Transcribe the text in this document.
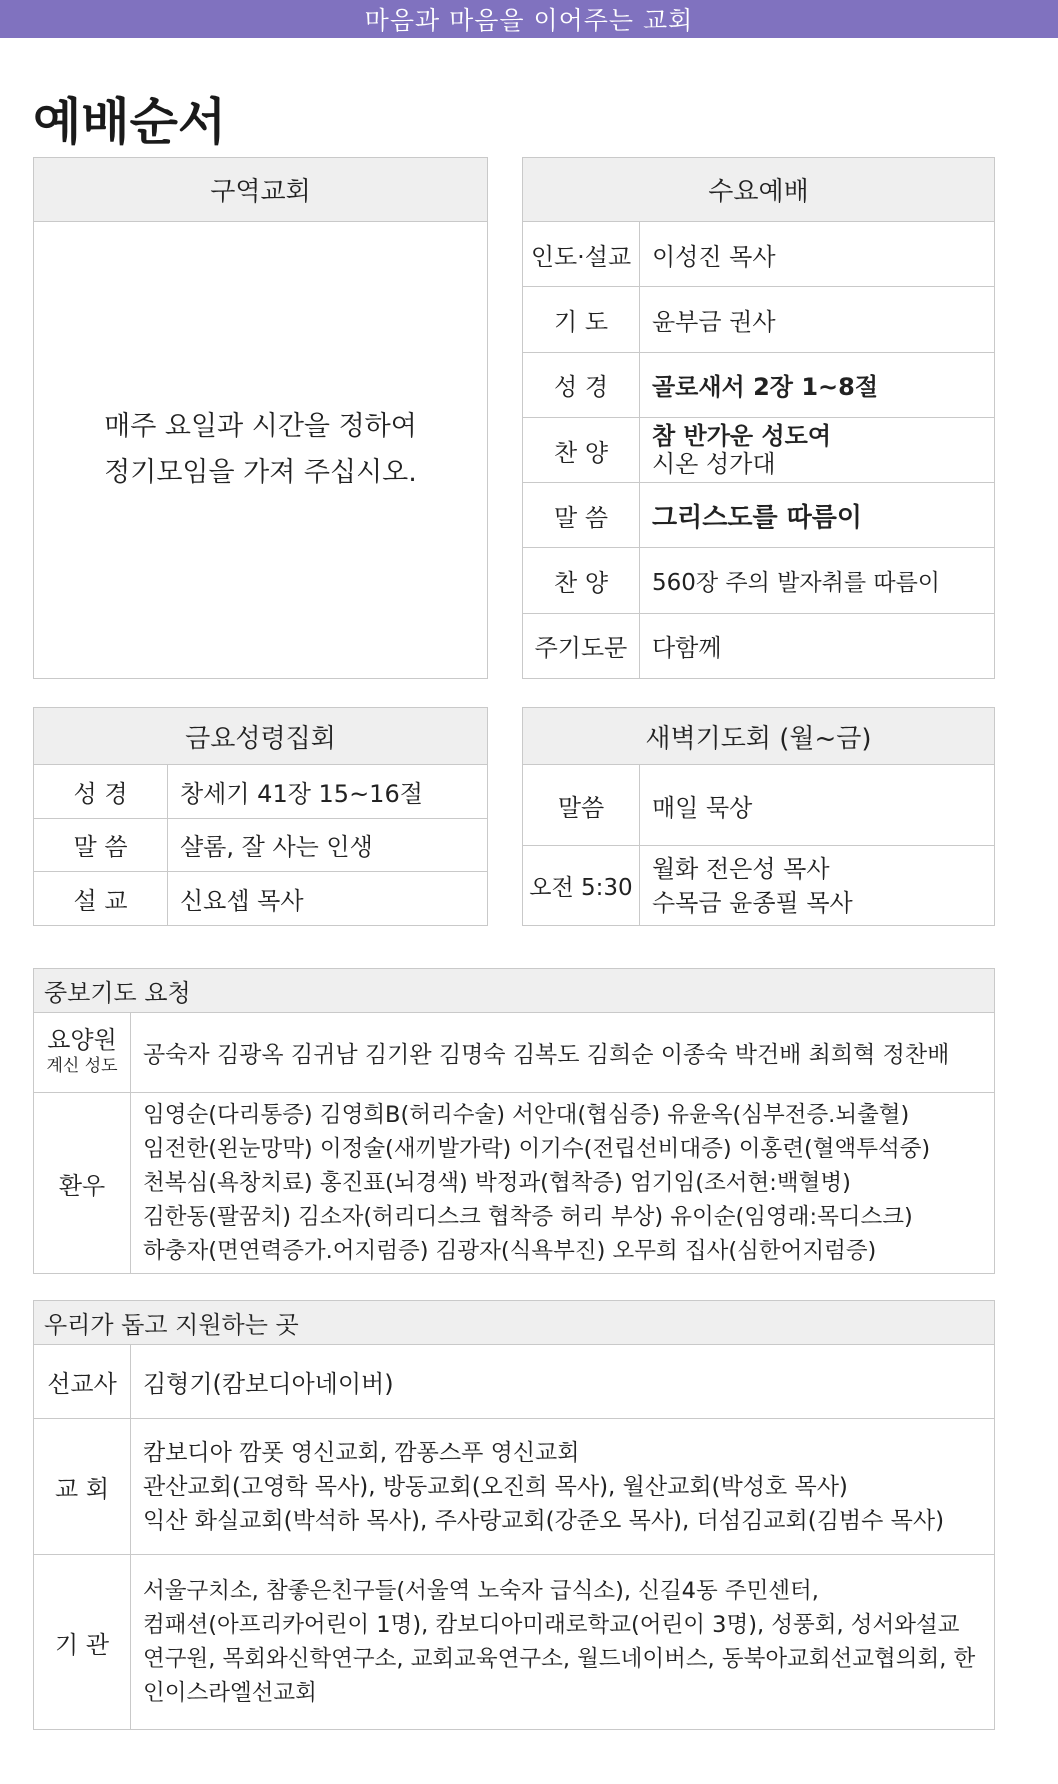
마음과 마음을 이어주는 교회
예배순서
구역교회

매주 요일과 시간을 정하여
정기모임을 가져 주십시오.
수요예배	
인도·설교	이성진 목사
기 도	윤부금 권사
성 경	골로새서 2장 1~8절
찬 양	참 반가운 성도여
시온 성가대

말 씀	그리스도를 따름이
찬 양	560장 주의 발자취를 따름이
주기도문	다함께
금요성령집회	
성 경	창세기 41장 15~16절
말 씀	샬롬, 잘 사는 인생
설 교	신요셉 목사
새벽기도회 (월~금)	
말씀	매일 묵상
오전 5:30	월화 전은성 목사
수목금 윤종필 목사
중보기도 요청	
요양원
계신 성도	공숙자 김광옥 김귀남 김기완 김명숙 김복도 김희순 이종숙 박건배 최희혁 정찬배
환우	임영순(다리통증) 김영희B(허리수술) 서안대(협심증) 유윤옥(심부전증.뇌출혈)
임전한(왼눈망막) 이정술(새끼발가락) 이기수(전립선비대증) 이홍련(혈액투석중)
천복심(욕창치료) 홍진표(뇌경색) 박정과(협착증) 엄기임(조서현:백혈병)
김한동(팔꿈치) 김소자(허리디스크 협착증 허리 부상) 유이순(임영래:목디스크)
하충자(면연력증가.어지럼증) 김광자(식욕부진) 오무희 집사(심한어지럼증)
우리가 돕고 지원하는 곳	
선교사	김형기(캄보디아네이버)
교 회	캄보디아 깜폿 영신교회, 깜퐁스푸 영신교회
관산교회(고영학 목사), 방동교회(오진희 목사), 월산교회(박성호 목사)
익산 화실교회(박석하 목사), 주사랑교회(강준오 목사), 더섬김교회(김범수 목사)

기 관	서울구치소, 참좋은친구들(서울역 노숙자 급식소), 신길4동 주민센터,
컴패션(아프리카어린이 1명), 캄보디아미래로학교(어린이 3명), 성풍회, 성서와설교
연구원, 목회와신학연구소, 교회교육연구소, 월드네이버스, 동북아교회선교협의회, 한
인이스라엘선교회
